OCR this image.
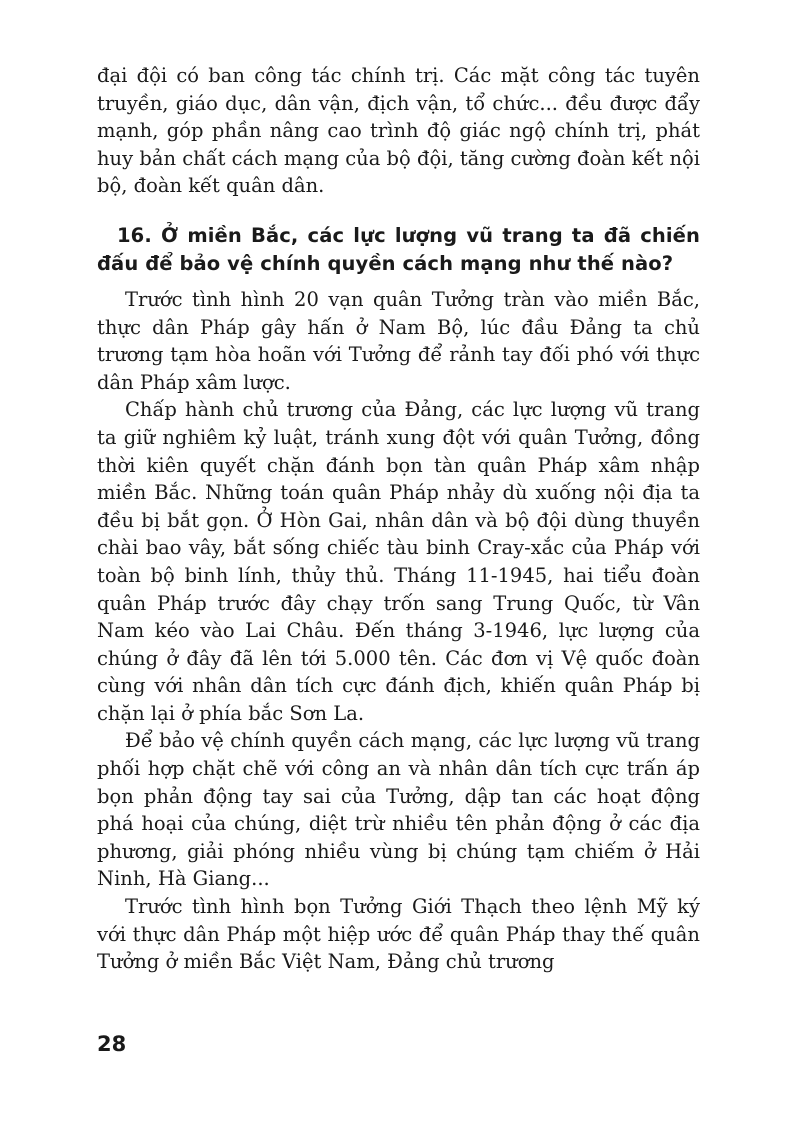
đại đội có ban công tác chính trị. Các mặt công tác tuyên truyền, giáo dục, dân vận, địch vận, tổ chức... đều được đẩy mạnh, góp phần nâng cao trình độ giác ngộ chính trị, phát huy bản chất cách mạng của bộ đội, tăng cường đoàn kết nội bộ, đoàn kết quân dân.

16. Ở miền Bắc, các lực lượng vũ trang ta đã chiến đấu để bảo vệ chính quyền cách mạng như thế nào?

Trước tình hình 20 vạn quân Tưởng tràn vào miền Bắc, thực dân Pháp gây hấn ở Nam Bộ, lúc đầu Đảng ta chủ trương tạm hòa hoãn với Tưởng để rảnh tay đối phó với thực dân Pháp xâm lược.

Chấp hành chủ trương của Đảng, các lực lượng vũ trang ta giữ nghiêm kỷ luật, tránh xung đột với quân Tưởng, đồng thời kiên quyết chặn đánh bọn tàn quân Pháp xâm nhập miền Bắc. Những toán quân Pháp nhảy dù xuống nội địa ta đều bị bắt gọn. Ở Hòn Gai, nhân dân và bộ đội dùng thuyền chài bao vây, bắt sống chiếc tàu binh Cray-xắc của Pháp với toàn bộ binh lính, thủy thủ. Tháng 11-1945, hai tiểu đoàn quân Pháp trước đây chạy trốn sang Trung Quốc, từ Vân Nam kéo vào Lai Châu. Đến tháng 3-1946, lực lượng của chúng ở đây đã lên tới 5.000 tên. Các đơn vị Vệ quốc đoàn cùng với nhân dân tích cực đánh địch, khiến quân Pháp bị chặn lại ở phía bắc Sơn La.

Để bảo vệ chính quyền cách mạng, các lực lượng vũ trang phối hợp chặt chẽ với công an và nhân dân tích cực trấn áp bọn phản động tay sai của Tưởng, dập tan các hoạt động phá hoại của chúng, diệt trừ nhiều tên phản động ở các địa phương, giải phóng nhiều vùng bị chúng tạm chiếm ở Hải Ninh, Hà Giang...

Trước tình hình bọn Tưởng Giới Thạch theo lệnh Mỹ ký với thực dân Pháp một hiệp ước để quân Pháp thay thế quân Tưởng ở miền Bắc Việt Nam, Đảng chủ trương

28
